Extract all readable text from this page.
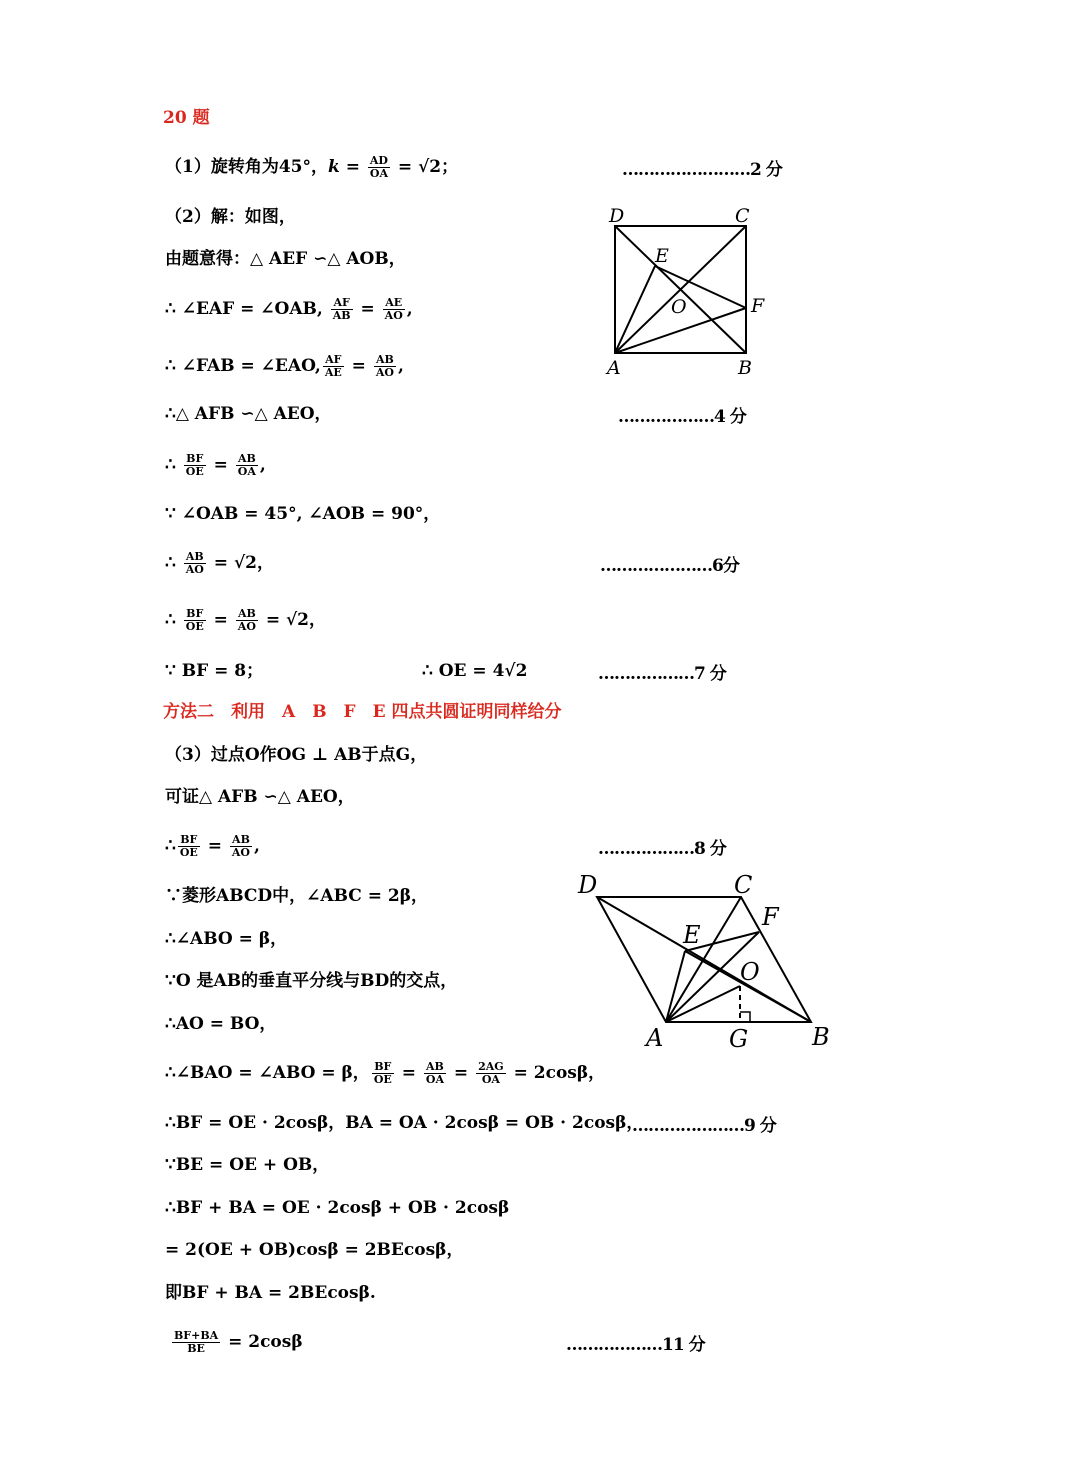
20 题
（1）旋转角为45°，$k = \frac{AD}{OA} = √2$；	……………………2 分
（2）解：如图，
由题意得：△ AEF ∽△ AOB，
∴ ∠EAF = ∠OAB, $\frac{AF}{AB} = \frac{AE}{AO}$ ,
∴ ∠FAB = ∠EAO, $\frac{AF}{AE} = \frac{AB}{AO}$ ,
∴△ AFB ∽△ AEO，	………………4 分
∴ $\frac{BF}{OE} = \frac{AB}{OA}$ ,
∵ ∠OAB = 45°, ∠AOB = 90°，
∴ $\frac{AB}{AO} = √2$，	…………………6分
∴ $\frac{BF}{OE} = \frac{AB}{AO} = √2$，
∵ BF = 8；	∴ OE = 4√2	………………7 分
方法二　利用　A　B　F　E 四点共圆证明同样给分
（3）过点O作OG ⊥ AB于点G，
可证△ AFB ∽△ AEO，
∴ $\frac{BF}{OE} = \frac{AB}{AO}$ ,	………………8 分
∵菱形ABCD中，∠ABC = 2β，
∴∠ABO = β，
∵O 是AB的垂直平分线与BD的交点，
∴AO = BO，
∴∠BAO = ∠ABO = β， $\frac{BF}{OE} = \frac{AB}{OA} = \frac{2AG}{OA} = 2\cos\beta$，
∴BF = OE · 2cosβ，BA = OA · 2cosβ = OB · 2cosβ，
…………………9 分
∵BE = OE + OB，
∴BF + BA = OE · 2cosβ + OB · 2cosβ
= 2(OE + OB)cosβ = 2BEcosβ，
即BF + BA = 2BEcosβ.
$\frac{BF+BA}{BE} = 2\cos\beta$	………………11 分
D	C
E
O	F
A	B
D	C
F
E
O
A	G	B
